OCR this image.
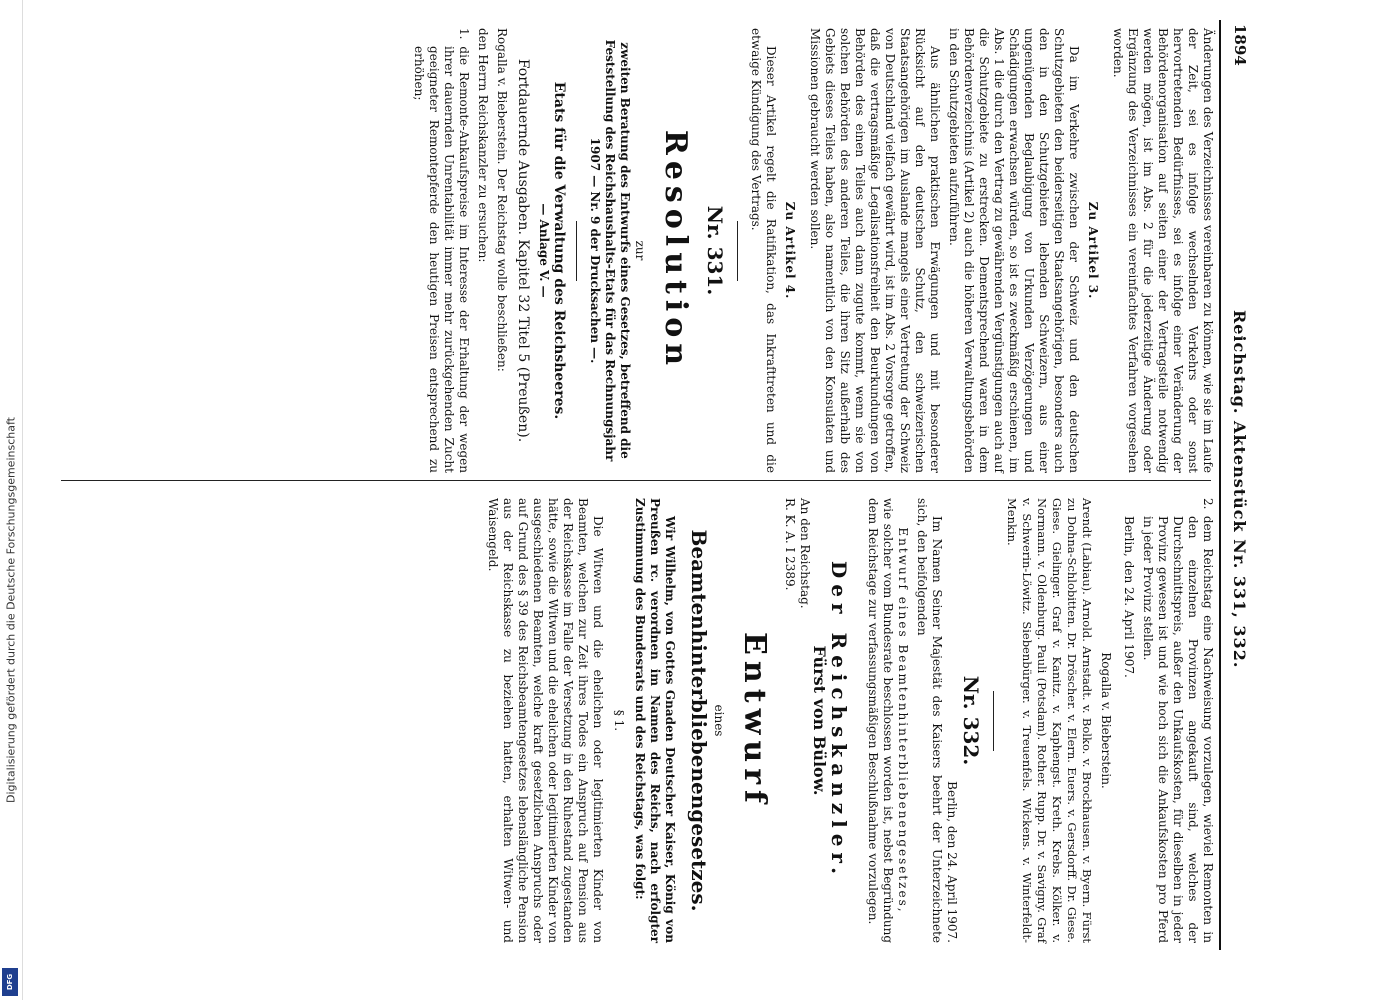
Digitalisierung gefördert durch die Deutsche Forschungsgemeinschaft
DFG
1894
Reichstag. Aktenstück Nr. 331, 332.

Änderungen des Verzeichnisses vereinbaren zu können, wie sie im Laufe der Zeit, sei es infolge wechselnden Verkehrs oder sonst hervortretenden Bedürfnisses, sei es infolge einer Veränderung der Behördenorganisation auf seiten einer der Vertragsteile notwendig werden mögen, ist im Abs. 2 für die jederzeitige Änderung oder Ergänzung des Verzeichnisses ein vereinfachtes Verfahren vorgesehen worden.

Zu Artikel 3.

Da im Verkehre zwischen der Schweiz und den deutschen Schutzgebieten den beiderseitigen Staatsangehörigen, besonders auch den in den Schutzgebieten lebenden Schweizern, aus einer ungenügenden Beglaubigung von Urkunden Verzögerungen und Schädigungen erwachsen würden, so ist es zweckmäßig erschienen, im Abs. 1 die durch den Vertrag zu gewährenden Vergünstigungen auch auf die Schutzgebiete zu erstrecken. Dementsprechend waren in dem Behördenverzeichnis (Artikel 2) auch die höheren Verwaltungsbehörden in den Schutzgebieten aufzuführen.

Aus ähnlichen praktischen Erwägungen und mit besonderer Rücksicht auf den deutschen Schutz, den schweizerischen Staatsangehörigen im Auslande mangels einer Vertretung der Schweiz von Deutschland vielfach gewährt wird, ist im Abs. 2 Vorsorge getroffen, daß die vertragsmäßige Legalisationsfreiheit den Beurkundungen von Behörden des einen Teiles auch dann zugute kommt, wenn sie von solchen Behörden des anderen Teiles, die ihren Sitz außerhalb des Gebiets dieses Teiles haben, also namentlich von den Konsulaten und Missionen gebraucht werden sollen.

Zu Artikel 4.

Dieser Artikel regelt die Ratifikation, das Inkrafttreten und die etwaige Kündigung des Vertrags.

Nr. 331.
Resolution
zur

zweiten Beratung des Entwurfs eines Gesetzes, betreffend die Feststellung des Reichshaushalts-Etats für das Rechnungsjahr 1907 — Nr. 9 der Drucksachen —.

Etats für die Verwaltung des Reichsheeres.
— Anlage V. —
Fortdauernde Ausgaben. Kapitel 32 Titel 5 (Preußen).

Rogalla v. Bieberstein. Der Reichstag wolle beschließen:

den Herrn Reichskanzler zu ersuchen:

1. die Remonte-Ankaufspreise im Interesse der Erhaltung der wegen ihrer dauernden Unrentabilität immer mehr zurückgehenden Zucht geeigneter Remontepferde den heutigen Preisen entsprechend zu erhöhen;

2. dem Reichstag eine Nachweisung vorzulegen, wieviel Remonten in den einzelnen Provinzen angekauft sind, welches der Durchschnittspreis, außer den Unkaufskosten, für dieselben in jeder Provinz gewesen ist und wie hoch sich die Ankaufskosten pro Pferd in jeder Provinz stellen.

Berlin, den 24. April 1907.

Rogalla v. Bieberstein.

Arendt (Labiau). Arnold. Arnstadt. v. Bolko. v. Brockhausen. v. Byern. Fürst zu Dohna-Schlobitten. Dr. Dröscher. v. Elern. Euers. v. Gersdorff. Dr. Giese. Giese. Gielinger. Graf v. Kanitz. v. Kaphengst. Kreth. Krebs. Kölker. v. Normann. v. Oldenburg. Pauli (Potsdam). Rother. Rupp. Dr. v. Savigny. Graf v. Schwerin-Löwitz. Siebenbürger. v. Treuenfels. Wickens. v. Winterfeldt-Menkin.

Nr. 332.
Berlin, den 24. April 1907.

Im Namen Seiner Majestät des Kaisers beehrt der Unterzeichnete sich, den beifolgenden

Entwurf eines Beamtenhinterbliebenengesetzes,

wie solcher vom Bundesrate beschlossen worden ist, nebst Begründung dem Reichstage zur verfassungsmäßigen Beschlußnahme vorzulegen.

Der Reichskanzler.
Fürst von Bülow.
An den Reichstag.
R. K. A. I 2389.
Entwurf
eines
Beamtenhinterbliebenengesetzes.

Wir Wilhelm, von Gottes Gnaden Deutscher Kaiser, König von Preußen rc. verordnen im Namen des Reichs, nach erfolgter Zustimmung des Bundesrats und des Reichstags, was folgt:

§ 1.

Die Witwen und die ehelichen oder legitimierten Kinder von Beamten, welchen zur Zeit ihres Todes ein Anspruch auf Pension aus der Reichskasse im Falle der Versetzung in den Ruhestand zugestanden hätte, sowie die Witwen und die ehelichen oder legitimierten Kinder von ausgeschiedenen Beamten, welche kraft gesetzlichen Anspruchs oder auf Grund des § 39 des Reichsbeamtengesetzes lebenslängliche Pension aus der Reichskasse zu beziehen hatten, erhalten Witwen- und Waisengeld.
